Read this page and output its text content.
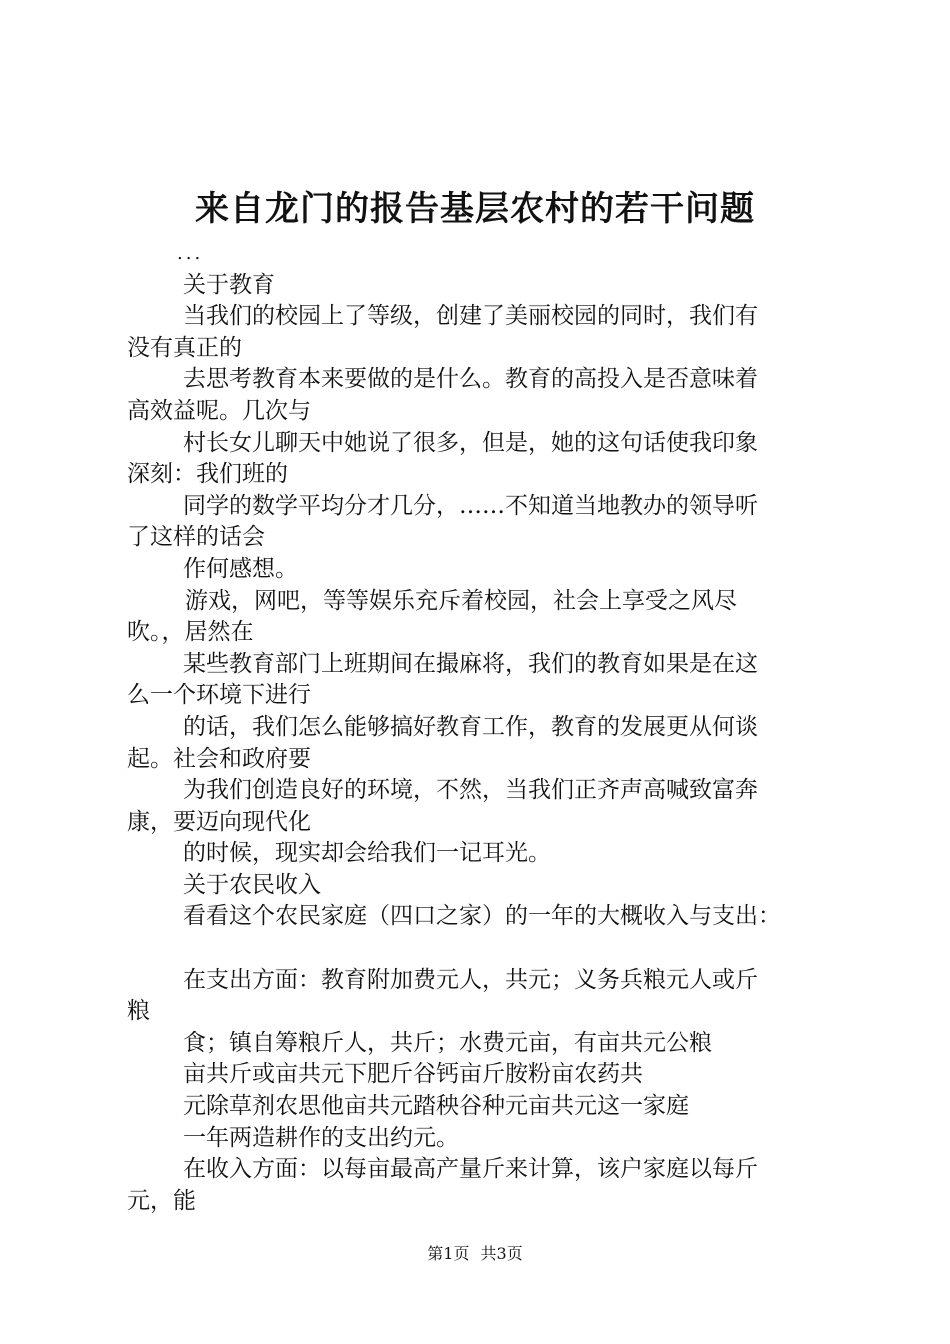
来自龙门的报告基层农村的若干问题
...
关于教育
当我们的校园上了等级，创建了美丽校园的同时，我们有
没有真正的
去思考教育本来要做的是什么。教育的高投入是否意味着
高效益呢。几次与
村长女儿聊天中她说了很多，但是，她的这句话使我印象
深刻：我们班的
同学的数学平均分才几分，……不知道当地教办的领导听
了这样的话会
作何感想。
游戏，网吧，等等娱乐充斥着校园，社会上享受之风尽
吹。，居然在
某些教育部门上班期间在撮麻将，我们的教育如果是在这
么一个环境下进行
的话，我们怎么能够搞好教育工作，教育的发展更从何谈
起。社会和政府要
为我们创造良好的环境，不然，当我们正齐声高喊致富奔
康，要迈向现代化
的时候，现实却会给我们一记耳光。
关于农民收入
看看这个农民家庭（四口之家）的一年的大概收入与支出：
在支出方面：教育附加费元人，共元；义务兵粮元人或斤
粮
食；镇自筹粮斤人，共斤；水费元亩，有亩共元公粮
亩共斤或亩共元下肥斤谷钙亩斤胺粉亩农药共
元除草剂农思他亩共元踏秧谷种元亩共元这一家庭
一年两造耕作的支出约元。
在收入方面：以每亩最高产量斤来计算，该户家庭以每斤
元，能
第1页 共3页
